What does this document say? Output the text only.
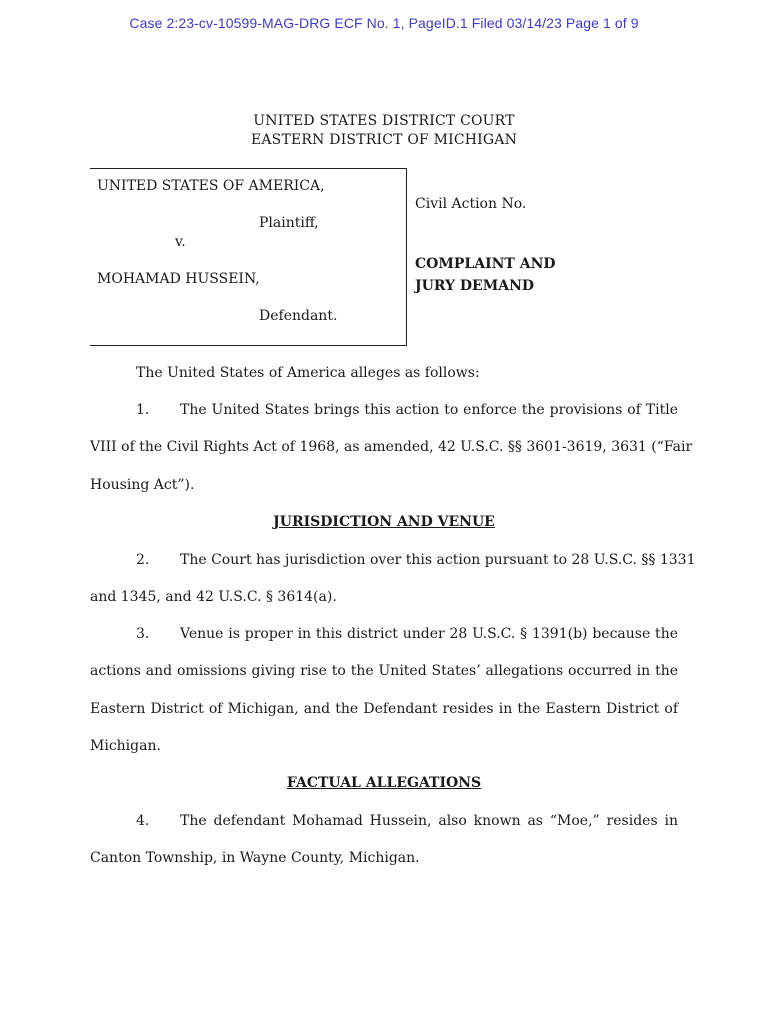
Case 2:23-cv-10599-MAG-DRG ECF No. 1, PageID.1 Filed 03/14/23 Page 1 of 9
UNITED STATES DISTRICT COURT
EASTERN DISTRICT OF MICHIGAN
UNITED STATES OF AMERICA,
Plaintiff,
v.
MOHAMAD HUSSEIN,
Defendant.
Civil Action No.
COMPLAINT AND
JURY DEMAND
The United States of America alleges as follows:
1. The United States brings this action to enforce the provisions of Title
VIII of the Civil Rights Act of 1968, as amended, 42 U.S.C. §§ 3601-3619, 3631 (“Fair
Housing Act”).
JURISDICTION AND VENUE
2. The Court has jurisdiction over this action pursuant to 28 U.S.C. §§ 1331
and 1345, and 42 U.S.C. § 3614(a).
3. Venue is proper in this district under 28 U.S.C. § 1391(b) because the
actions and omissions giving rise to the United States’ allegations occurred in the
Eastern District of Michigan, and the Defendant resides in the Eastern District of
Michigan.
FACTUAL ALLEGATIONS
4. The defendant Mohamad Hussein, also known as “Moe,” resides in
Canton Township, in Wayne County, Michigan.
